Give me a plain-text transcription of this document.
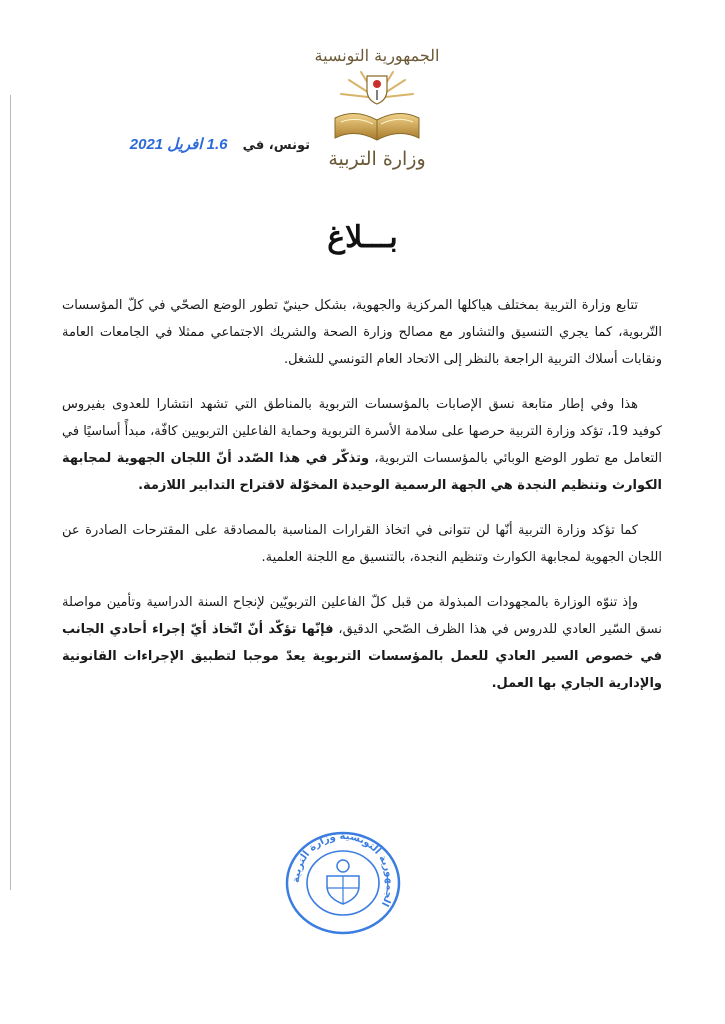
الجمهورية التونسية
وزارة التربية
تونس، في 1.6 افريل 2021
بـــلاغ

تتابع وزارة التربية بمختلف هياكلها المركزية والجهوية، بشكل حينيّ تطور الوضع الصحّي في كلّ المؤسسات التّربوية، كما يجري التنسيق والتشاور مع مصالح وزارة الصحة والشريك الاجتماعي ممثلا في الجامعات العامة ونقابات أسلاك التربية الراجعة بالنظر إلى الاتحاد العام التونسي للشغل.

هذا وفي إطار متابعة نسق الإصابات بالمؤسسات التربوية بالمناطق التي تشهد انتشارا للعدوى بفيروس كوفيد 19، تؤكد وزارة التربية حرصها على سلامة الأسرة التربوية وحماية الفاعلين التربويين كافّة، مبدأً أساسيًا في التعامل مع تطور الوضع الوبائي بالمؤسسات التربوية، وتذكّر في هذا الصّدد أنّ اللجان الجهوية لمجابهة الكوارث وتنظيم النجدة هي الجهة الرسمية الوحيدة المخوّلة لاقتراح التدابير اللازمة.

كما تؤكد وزارة التربية أنّها لن تتوانى في اتخاذ القرارات المناسبة بالمصادقة على المقترحات الصادرة عن اللجان الجهوية لمجابهة الكوارث وتنظيم النجدة، بالتنسيق مع اللجنة العلمية.

وإذ تنوّه الوزارة بالمجهودات المبذولة من قبل كلّ الفاعلين التربويّين لإنجاح السنة الدراسية وتأمين مواصلة نسق السّير العادي للدروس في هذا الظرف الصّحي الدقيق، فإنّها تؤكّد أنّ اتّخاذ أيّ إجراء أحادي الجانب في خصوص السير العادي للعمل بالمؤسسات التربوية يعدّ موجبا لتطبيق الإجراءات القانونية والإدارية الجاري بها العمل.

الجمهورية التونسية وزارة التربية
